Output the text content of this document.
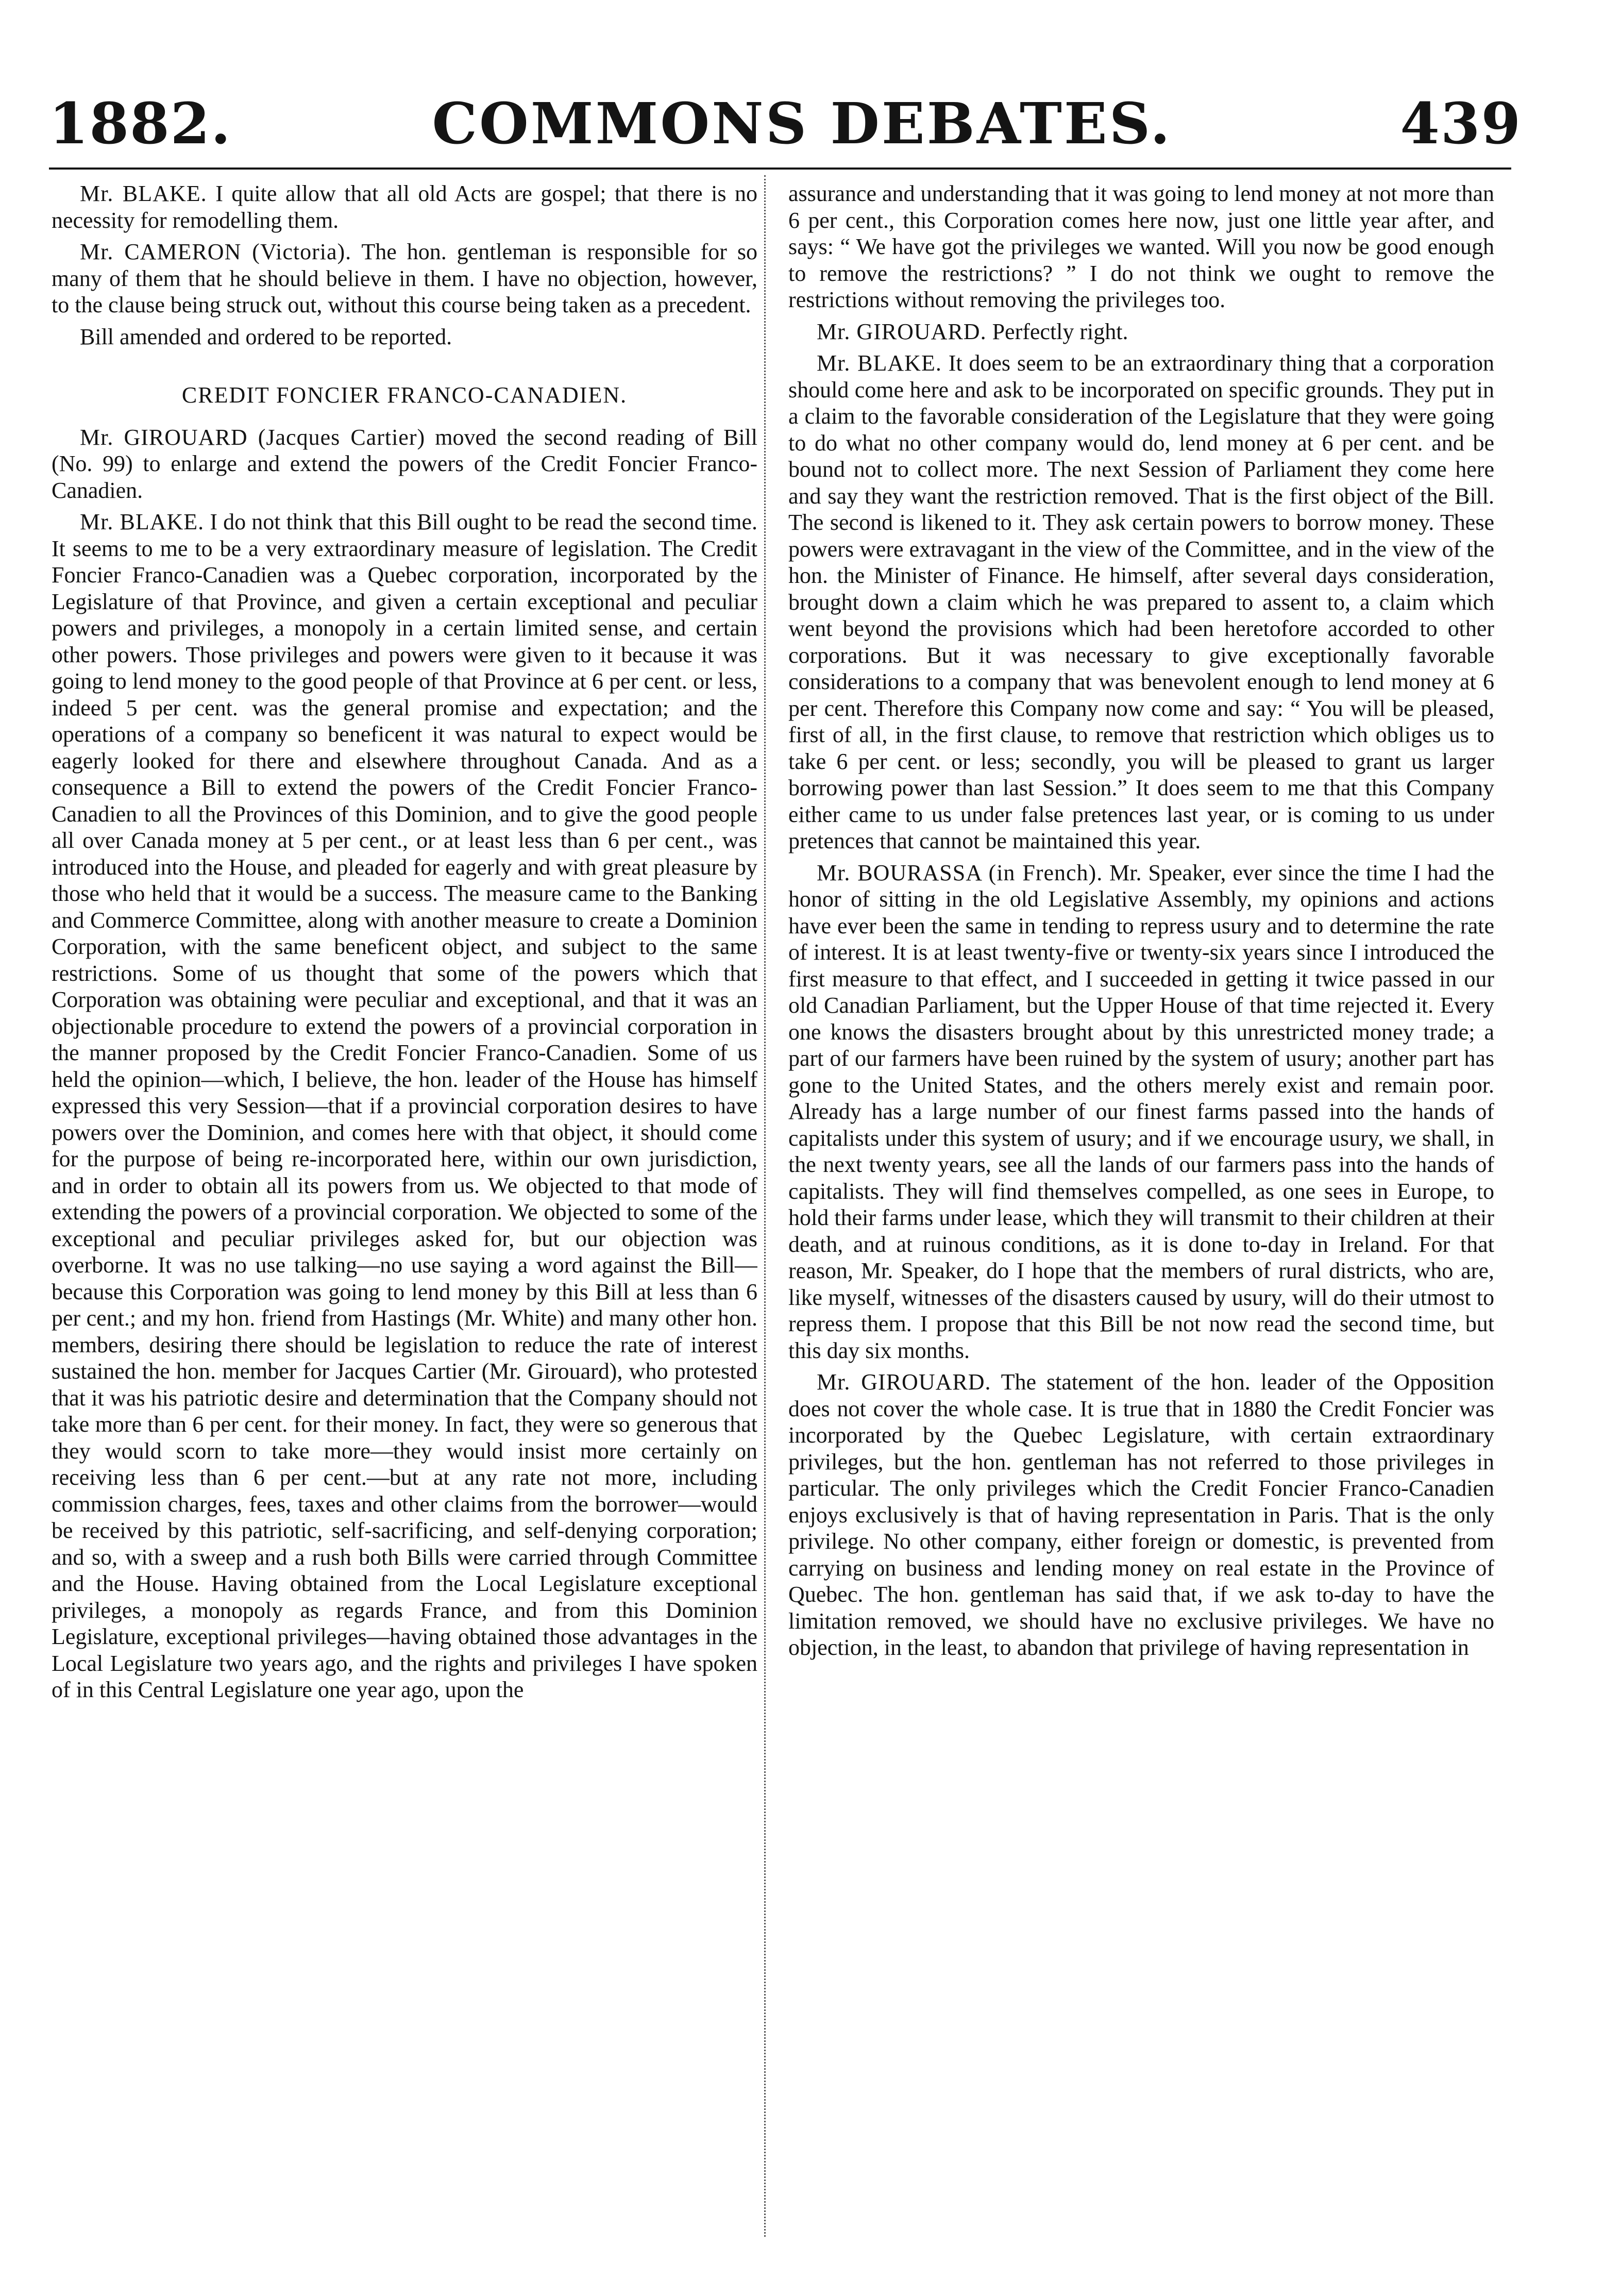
1882.	COMMONS DEBATES.	439

Mr. BLAKE. I quite allow that all old Acts are gospel; that there is no necessity for remodelling them.

Mr. CAMERON (Victoria). The hon. gentleman is responsible for so many of them that he should believe in them. I have no objection, however, to the clause being struck out, without this course being taken as a precedent.

Bill amended and ordered to be reported.

CREDIT FONCIER FRANCO-CANADIEN.

Mr. GIROUARD (Jacques Cartier) moved the second reading of Bill (No. 99) to enlarge and extend the powers of the Credit Foncier Franco-Canadien.

Mr. BLAKE. I do not think that this Bill ought to be read the second time. It seems to me to be a very extraordinary measure of legislation. The Credit Foncier Franco-Canadien was a Quebec corporation, incorporated by the Legislature of that Province, and given a certain exceptional and peculiar powers and privileges, a monopoly in a certain limited sense, and certain other powers. Those privileges and powers were given to it because it was going to lend money to the good people of that Province at 6 per cent. or less, indeed 5 per cent. was the general promise and expectation; and the operations of a company so beneficent it was natural to expect would be eagerly looked for there and elsewhere throughout Canada. And as a consequence a Bill to extend the powers of the Credit Foncier Franco-Canadien to all the Provinces of this Dominion, and to give the good people all over Canada money at 5 per cent., or at least less than 6 per cent., was introduced into the House, and pleaded for eagerly and with great pleasure by those who held that it would be a success. The measure came to the Banking and Commerce Committee, along with another measure to create a Dominion Corporation, with the same beneficent object, and subject to the same restrictions. Some of us thought that some of the powers which that Corporation was obtaining were peculiar and exceptional, and that it was an objectionable procedure to extend the powers of a provincial corporation in the manner proposed by the Credit Foncier Franco-Canadien. Some of us held the opinion—which, I believe, the hon. leader of the House has himself expressed this very Session—that if a provincial corporation desires to have powers over the Dominion, and comes here with that object, it should come for the purpose of being re-incorporated here, within our own jurisdiction, and in order to obtain all its powers from us. We objected to that mode of extending the powers of a provincial corporation. We objected to some of the exceptional and peculiar privileges asked for, but our objection was overborne. It was no use talking—no use saying a word against the Bill—because this Corporation was going to lend money by this Bill at less than 6 per cent.; and my hon. friend from Hastings (Mr. White) and many other hon. members, desiring there should be legislation to reduce the rate of interest sustained the hon. member for Jacques Cartier (Mr. Girouard), who protested that it was his patriotic desire and determination that the Company should not take more than 6 per cent. for their money. In fact, they were so generous that they would scorn to take more—they would insist more certainly on receiving less than 6 per cent.—but at any rate not more, including commission charges, fees, taxes and other claims from the borrower—would be received by this patriotic, self-sacrificing, and self-denying corporation; and so, with a sweep and a rush both Bills were carried through Committee and the House. Having obtained from the Local Legislature exceptional privileges, a monopoly as regards France, and from this Dominion Legislature, exceptional privileges—having obtained those advantages in the Local Legislature two years ago, and the rights and privileges I have spoken of in this Central Legislature one year ago, upon the

assurance and understanding that it was going to lend money at not more than 6 per cent., this Corporation comes here now, just one little year after, and says: “ We have got the privileges we wanted. Will you now be good enough to remove the restrictions? ” I do not think we ought to remove the restrictions without removing the privileges too.

Mr. GIROUARD. Perfectly right.

Mr. BLAKE. It does seem to be an extraordinary thing that a corporation should come here and ask to be incorporated on specific grounds. They put in a claim to the favorable consideration of the Legislature that they were going to do what no other company would do, lend money at 6 per cent. and be bound not to collect more. The next Session of Parliament they come here and say they want the restriction removed. That is the first object of the Bill. The second is likened to it. They ask certain powers to borrow money. These powers were extravagant in the view of the Committee, and in the view of the hon. the Minister of Finance. He himself, after several days consideration, brought down a claim which he was prepared to assent to, a claim which went beyond the provisions which had been heretofore accorded to other corporations. But it was necessary to give exceptionally favorable considerations to a company that was benevolent enough to lend money at 6 per cent. Therefore this Company now come and say: “ You will be pleased, first of all, in the first clause, to remove that restriction which obliges us to take 6 per cent. or less; secondly, you will be pleased to grant us larger borrowing power than last Session.” It does seem to me that this Company either came to us under false pretences last year, or is coming to us under pretences that cannot be maintained this year.

Mr. BOURASSA (in French). Mr. Speaker, ever since the time I had the honor of sitting in the old Legislative Assembly, my opinions and actions have ever been the same in tending to repress usury and to determine the rate of interest. It is at least twenty-five or twenty-six years since I introduced the first measure to that effect, and I succeeded in getting it twice passed in our old Canadian Parliament, but the Upper House of that time rejected it. Every one knows the disasters brought about by this unrestricted money trade; a part of our farmers have been ruined by the system of usury; another part has gone to the United States, and the others merely exist and remain poor. Already has a large number of our finest farms passed into the hands of capitalists under this system of usury; and if we encourage usury, we shall, in the next twenty years, see all the lands of our farmers pass into the hands of capitalists. They will find themselves compelled, as one sees in Europe, to hold their farms under lease, which they will transmit to their children at their death, and at ruinous conditions, as it is done to-day in Ireland. For that reason, Mr. Speaker, do I hope that the members of rural districts, who are, like myself, witnesses of the disasters caused by usury, will do their utmost to repress them. I propose that this Bill be not now read the second time, but this day six months.

Mr. GIROUARD. The statement of the hon. leader of the Opposition does not cover the whole case. It is true that in 1880 the Credit Foncier was incorporated by the Quebec Legislature, with certain extraordinary privileges, but the hon. gentleman has not referred to those privileges in particular. The only privileges which the Credit Foncier Franco-Canadien enjoys exclusively is that of having representation in Paris. That is the only privilege. No other company, either foreign or domestic, is prevented from carrying on business and lending money on real estate in the Province of Quebec. The hon. gentleman has said that, if we ask to-day to have the limitation removed, we should have no exclusive privileges. We have no objection, in the least, to abandon that privilege of having representation in
